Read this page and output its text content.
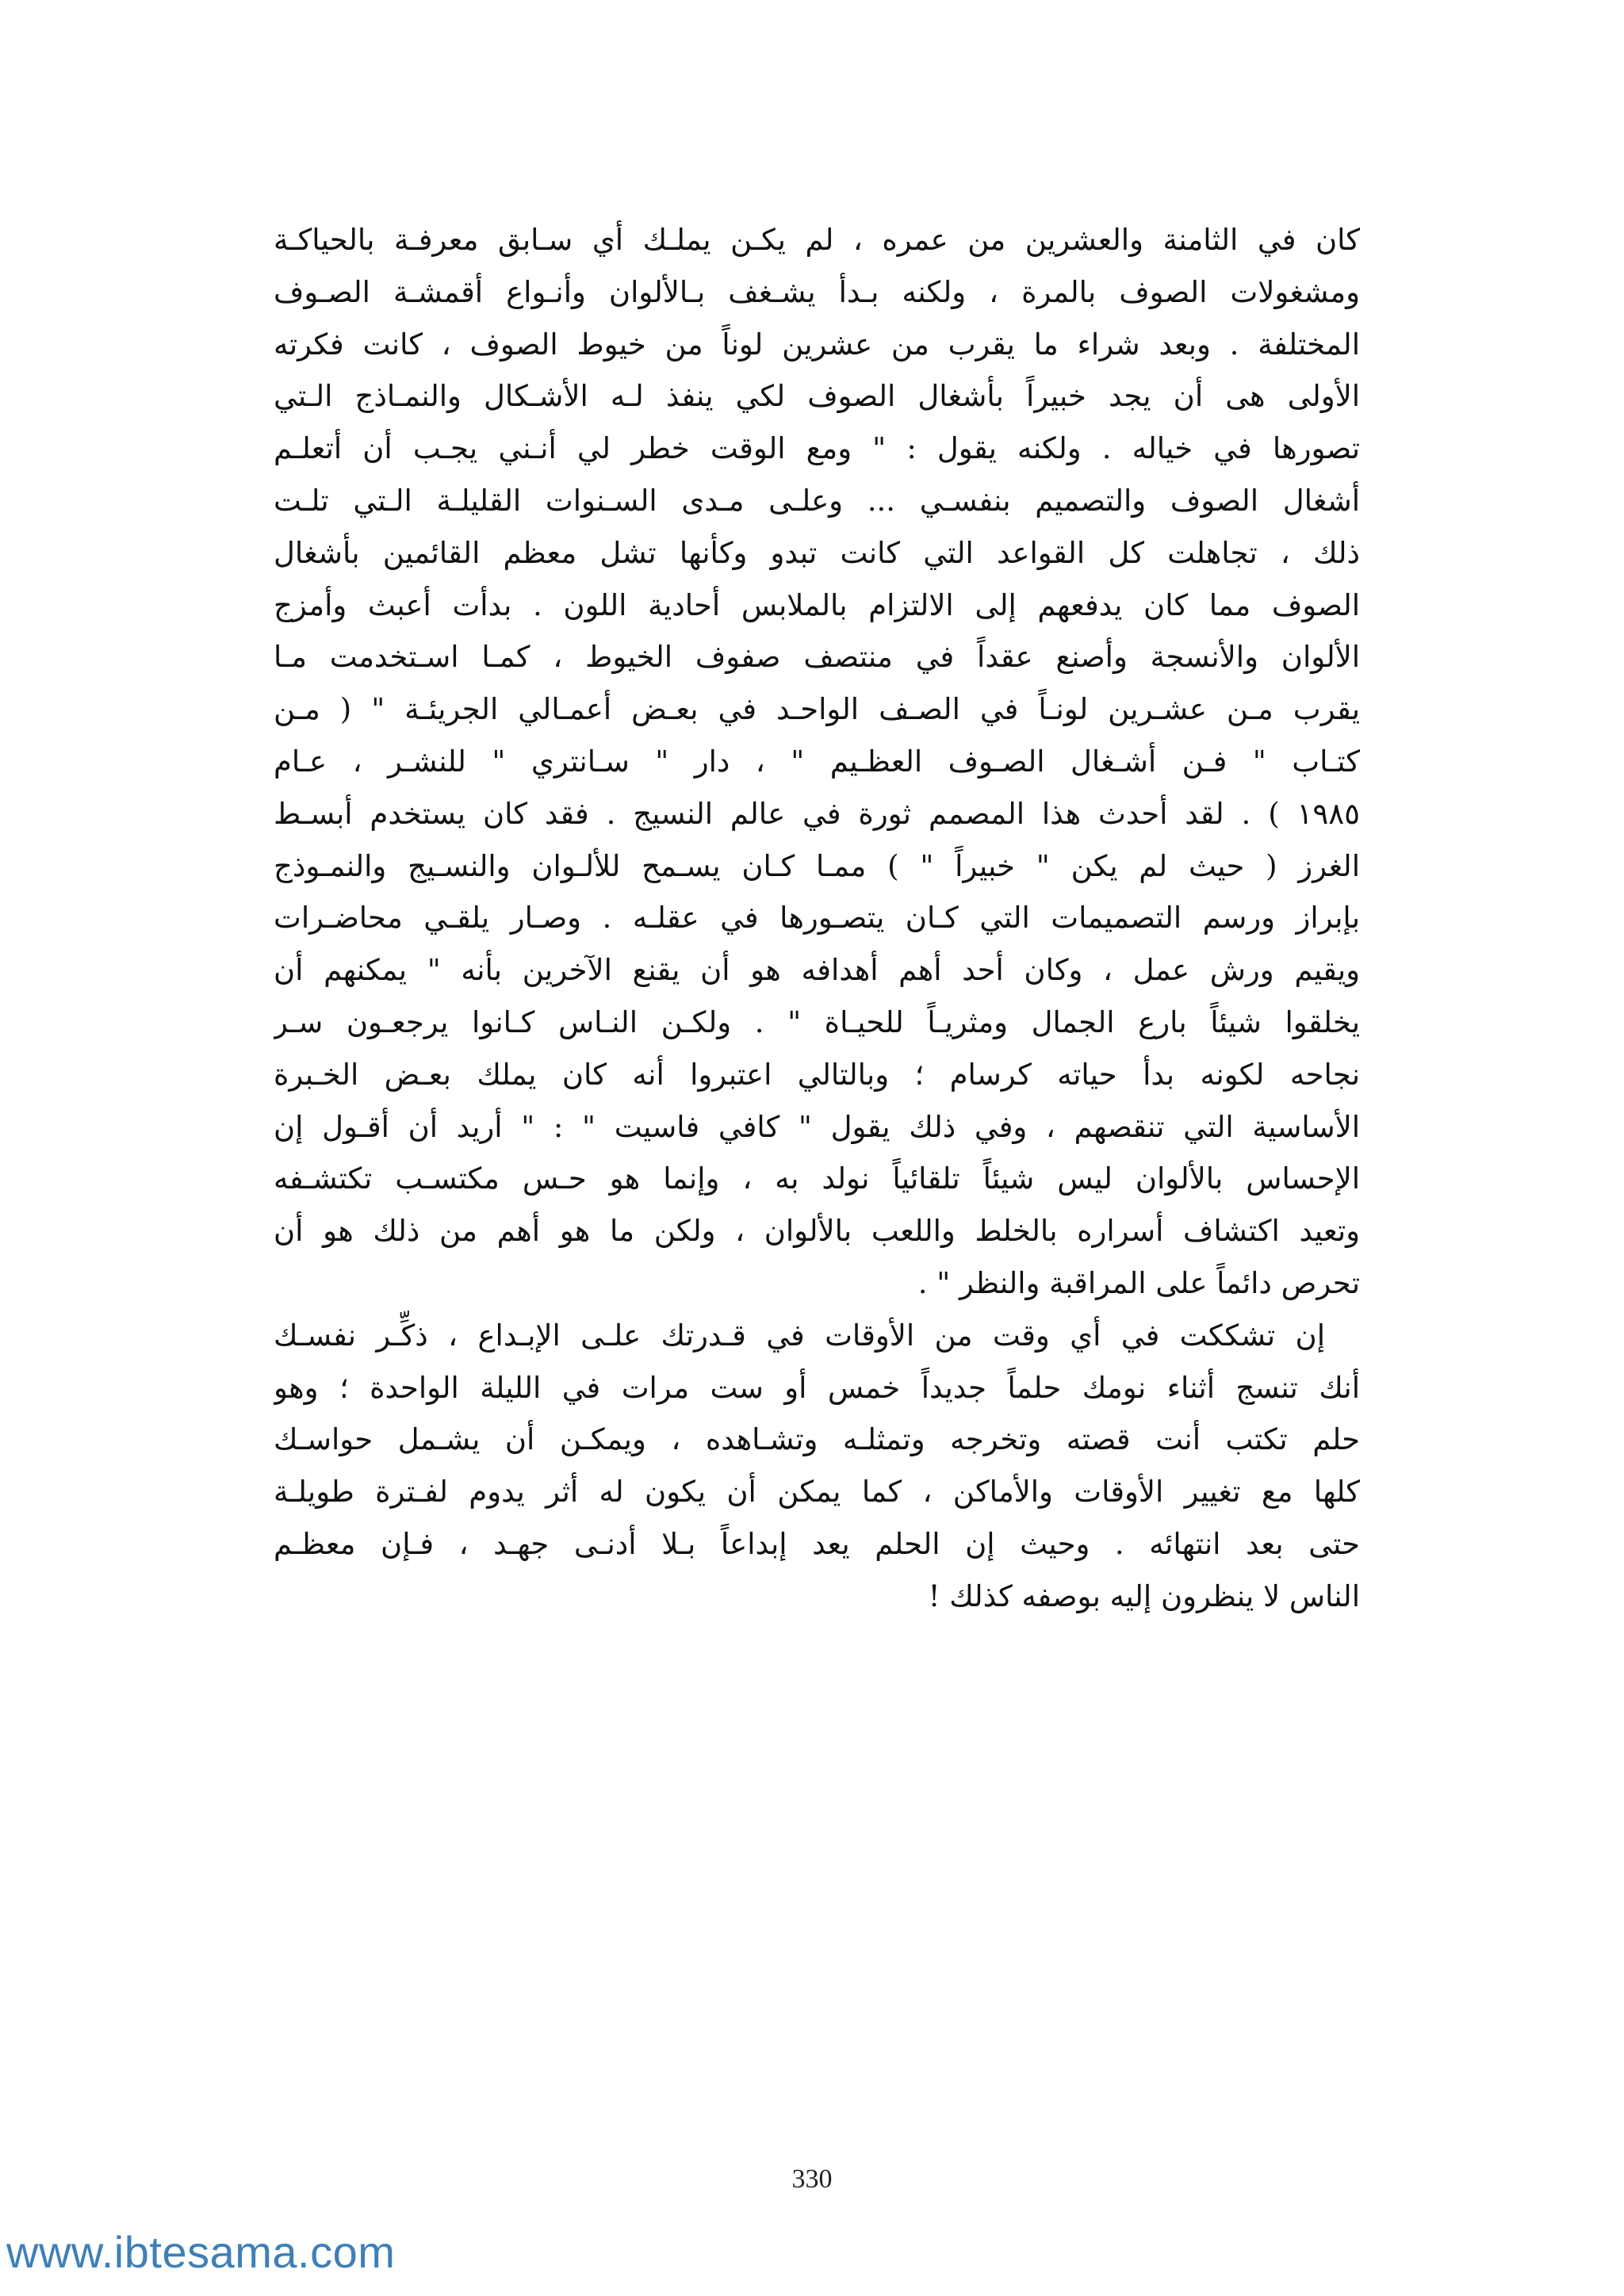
كان في الثامنة والعشرين من عمره ، لم يكـن يملـك أي سـابق معرفـة بالحياكـة
ومشغولات الصوف بالمرة ، ولكنه بـدأ يشـغف بـالألوان وأنـواع أقمشـة الصـوف
المختلفة . وبعد شراء ما يقرب من عشرين لوناً من خيوط الصوف ، كانت فكرته
الأولى هى أن يجد خبيراً بأشغال الصوف لكي ينفذ لـه الأشـكال والنمـاذج الـتي
تصورها في خياله . ولكنه يقول : " ومع الوقت خطر لي أنـني يجـب أن أتعلـم
أشغال الصوف والتصميم بنفسـي ... وعلـى مـدى السـنوات القليلـة الـتي تلـت
ذلك ، تجاهلت كل القواعد التي كانت تبدو وكأنها تشل معظم القائمين بأشغال
الصوف مما كان يدفعهم إلى الالتزام بالملابس أحادية اللون . بدأت أعبث وأمزج
الألوان والأنسجة وأصنع عقداً في منتصف صفوف الخيوط ، كمـا اسـتخدمت مـا
يقرب مـن عشـرين لونـاً في الصـف الواحـد في بعـض أعمـالي الجريئـة " ( مـن
كتـاب " فـن أشـغال الصـوف العظـيم " ، دار " سـانتري " للنشـر ، عـام
١٩٨٥ ) . لقد أحدث هذا المصمم ثورة في عالم النسيج . فقد كان يستخدم أبسـط
الغرز ( حيث لم يكن " خبيراً " ) ممـا كـان يسـمح للألـوان والنسـيج والنمـوذج
بإبراز ورسم التصميمات التي كـان يتصـورها في عقلـه . وصـار يلقـي محاضـرات
ويقيم ورش عمل ، وكان أحد أهم أهدافه هو أن يقنع الآخرين بأنه " يمكنهم أن
يخلقوا شيئاً بارع الجمال ومثريـاً للحيـاة " . ولكـن النـاس كـانوا يرجعـون سـر
نجاحه لكونه بدأ حياته كرسام ؛ وبالتالي اعتبروا أنه كان يملك بعـض الخـبرة
الأساسية التي تنقصهم ، وفي ذلك يقول " كافي فاسيت " : " أريد أن أقـول إن
الإحساس بالألوان ليس شيئاً تلقائياً نولد به ، وإنما هو حـس مكتسـب تكتشـفه
وتعيد اكتشاف أسراره بالخلط واللعب بالألوان ، ولكن ما هو أهم من ذلك هو أن
تحرص دائماً على المراقبة والنظر " .
إن تشككت في أي وقت من الأوقات في قـدرتك علـى الإبـداع ، ذكِّـر نفسـك
أنك تنسج أثناء نومك حلماً جديداً خمس أو ست مرات في الليلة الواحدة ؛ وهو
حلم تكتب أنت قصته وتخرجه وتمثلـه وتشـاهده ، ويمكـن أن يشـمل حواسـك
كلها مع تغيير الأوقات والأماكن ، كما يمكن أن يكون له أثر يدوم لفـترة طويلـة
حتى بعد انتهائه . وحيث إن الحلم يعد إبداعاً بـلا أدنـى جهـد ، فـإن معظـم
الناس لا ينظرون إليه بوصفه كذلك !
330
www.ibtesama.com
